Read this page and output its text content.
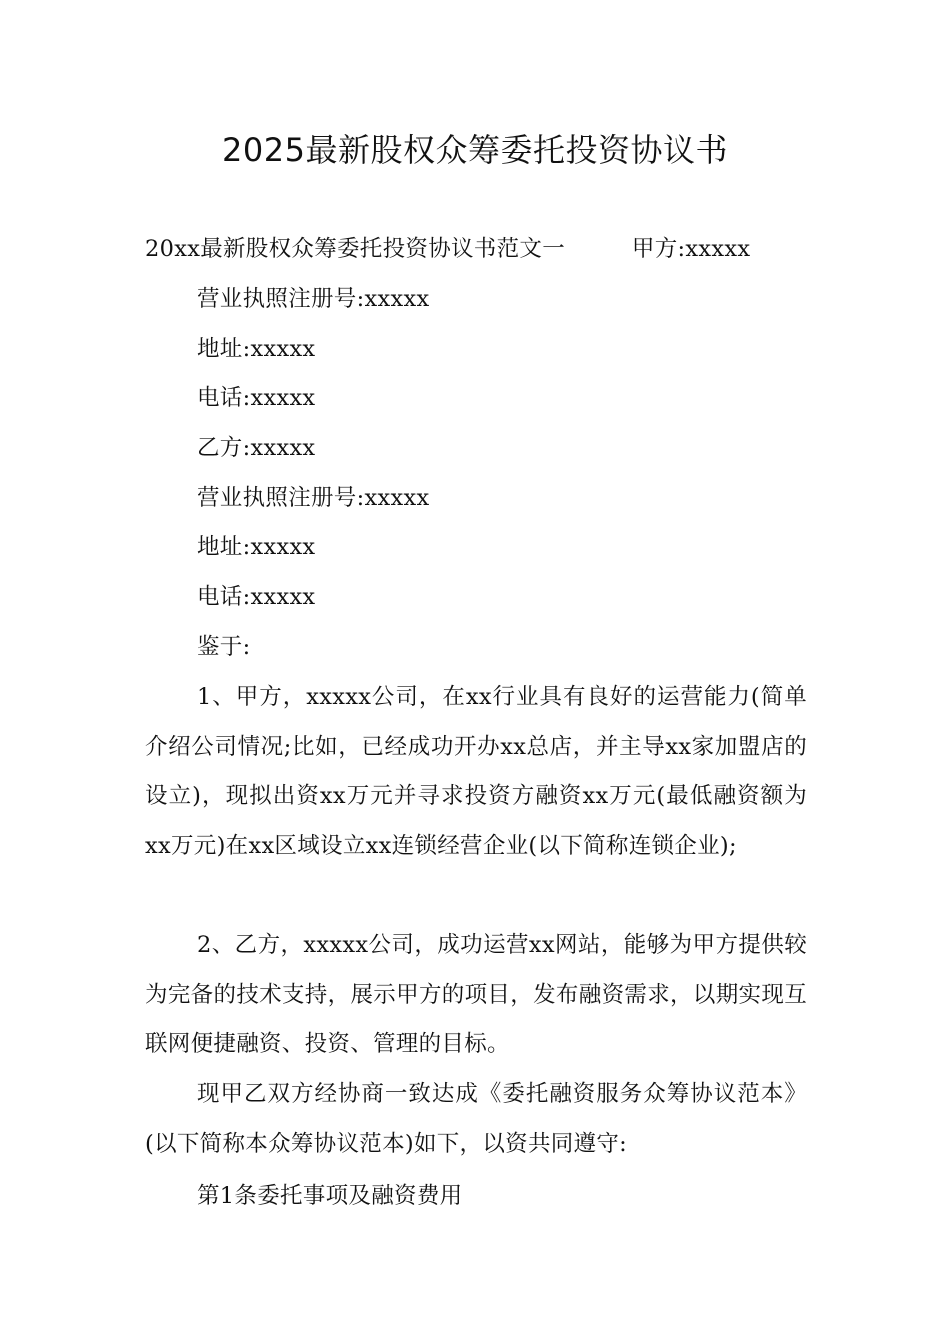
2025最新股权众筹委托投资协议书
20xx最新股权众筹委托投资协议书范文一	甲方:xxxxx
营业执照注册号:xxxxx
地址:xxxxx
电话:xxxxx
乙方:xxxxx
营业执照注册号:xxxxx
地址:xxxxx
电话:xxxxx
鉴于:
1、甲方，xxxxx公司，在xx行业具有良好的运营能力(简单介绍公司情况;比如，已经成功开办xx总店，并主导xx家加盟店的设立)，现拟出资xx万元并寻求投资方融资xx万元(最低融资额为xx万元)在xx区域设立xx连锁经营企业(以下简称连锁企业);
2、乙方，xxxxx公司，成功运营xx网站，能够为甲方提供较为完备的技术支持，展示甲方的项目，发布融资需求，以期实现互联网便捷融资、投资、管理的目标。
现甲乙双方经协商一致达成《委托融资服务众筹协议范本》(以下简称本众筹协议范本)如下，以资共同遵守:
第1条委托事项及融资费用
